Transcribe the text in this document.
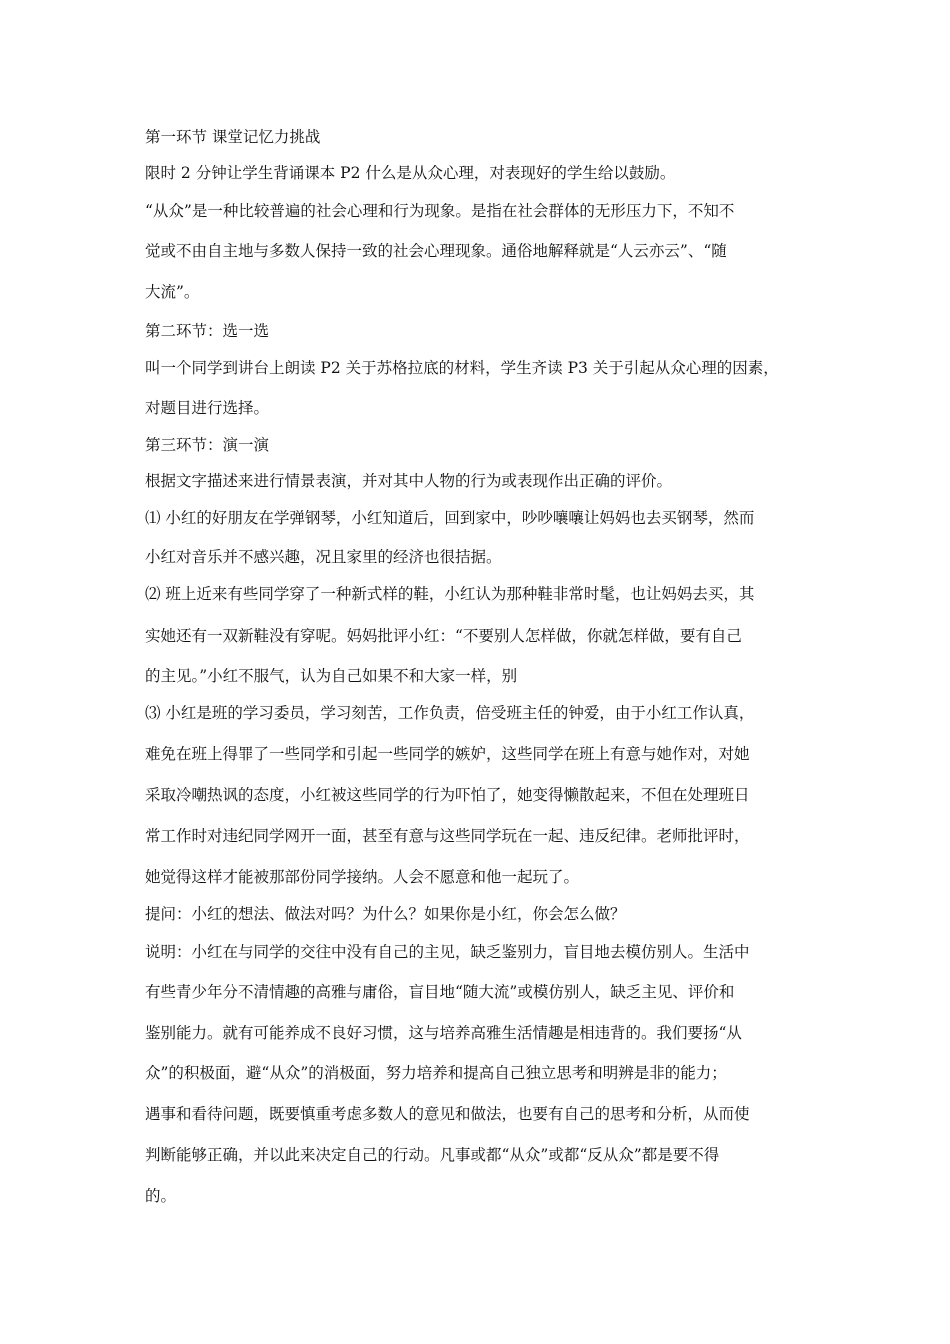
第一环节 课堂记忆力挑战
限时 2 分钟让学生背诵课本 P2 什么是从众心理，对表现好的学生给以鼓励。
“从众”是一种比较普遍的社会心理和行为现象。是指在社会群体的无形压力下，不知不
觉或不由自主地与多数人保持一致的社会心理现象。通俗地解释就是“人云亦云”、“随
大流”。
第二环节：选一选
叫一个同学到讲台上朗读 P2 关于苏格拉底的材料，学生齐读 P3 关于引起从众心理的因素，
对题目进行选择。
第三环节：演一演
根据文字描述来进行情景表演，并对其中人物的行为或表现作出正确的评价。
⑴ 小红的好朋友在学弹钢琴，小红知道后，回到家中，吵吵嚷嚷让妈妈也去买钢琴，然而
小红对音乐并不感兴趣，况且家里的经济也很拮据。
⑵ 班上近来有些同学穿了一种新式样的鞋，小红认为那种鞋非常时髦，也让妈妈去买，其
实她还有一双新鞋没有穿呢。妈妈批评小红：“不要别人怎样做，你就怎样做，要有自己
的主见。”小红不服气，认为自己如果不和大家一样，别
⑶ 小红是班的学习委员，学习刻苦，工作负责，倍受班主任的钟爱，由于小红工作认真，
难免在班上得罪了一些同学和引起一些同学的嫉妒，这些同学在班上有意与她作对，对她
采取冷嘲热讽的态度，小红被这些同学的行为吓怕了，她变得懒散起来，不但在处理班日
常工作时对违纪同学网开一面，甚至有意与这些同学玩在一起、违反纪律。老师批评时，
她觉得这样才能被那部份同学接纳。人会不愿意和他一起玩了。
提问：小红的想法、做法对吗？为什么？如果你是小红，你会怎么做？
说明：小红在与同学的交往中没有自己的主见，缺乏鉴别力，盲目地去模仿别人。生活中
有些青少年分不清情趣的高雅与庸俗，盲目地“随大流”或模仿别人，缺乏主见、评价和
鉴别能力。就有可能养成不良好习惯，这与培养高雅生活情趣是相违背的。我们要扬“从
众”的积极面，避“从众”的消极面，努力培养和提高自己独立思考和明辨是非的能力；
遇事和看待问题，既要慎重考虑多数人的意见和做法，也要有自己的思考和分析，从而使
判断能够正确，并以此来决定自己的行动。凡事或都“从众”或都“反从众”都是要不得
的。
